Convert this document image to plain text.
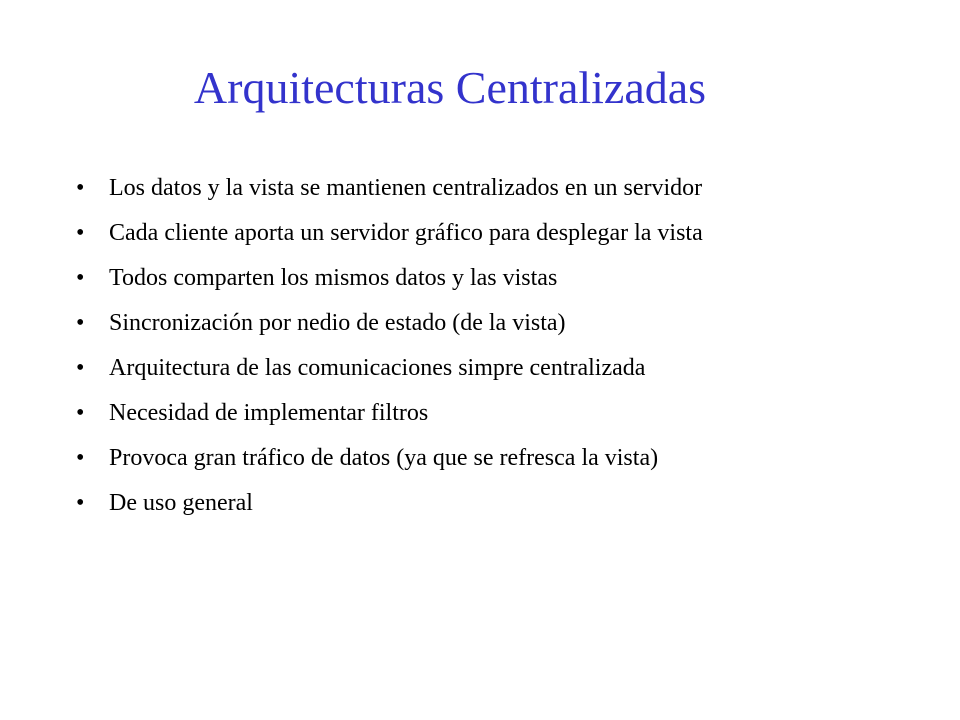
Arquitecturas Centralizadas
•	Los datos y la vista se mantienen centralizados en un servidor
•	Cada cliente aporta un servidor gráfico para desplegar la vista
•	Todos comparten los mismos datos y las vistas
•	Sincronización por nedio de estado (de la vista)
•	Arquitectura de las comunicaciones simpre centralizada
•	Necesidad de implementar filtros
•	Provoca gran tráfico de datos (ya que se refresca la vista)
•	De uso general
